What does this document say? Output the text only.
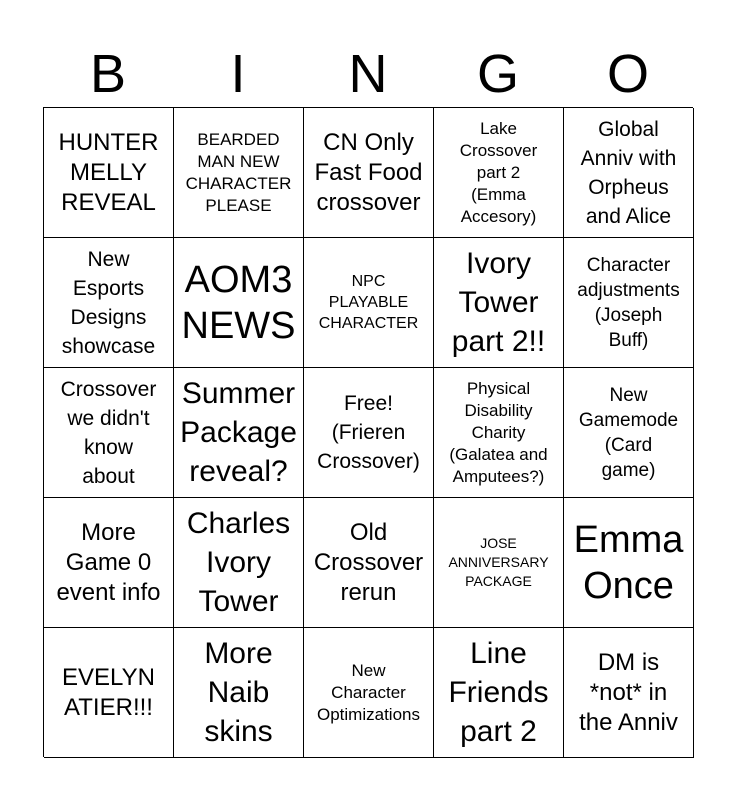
B	I	N	G	O
HUNTER
MELLY
REVEAL
BEARDED
MAN NEW
CHARACTER
PLEASE
CN Only
Fast Food
crossover
Lake
Crossover
part 2
(Emma
Accesory)
Global
Anniv with
Orpheus
and Alice
New
Esports
Designs
showcase
AOM3
NEWS
NPC
PLAYABLE
CHARACTER
Ivory
Tower
part 2!!
Character
adjustments
(Joseph
Buff)
Crossover
we didn't
know
about
Summer
Package
reveal?
Free!
(Frieren
Crossover)
Physical
Disability
Charity
(Galatea and
Amputees?)
New
Gamemode
(Card
game)
More
Game 0
event info
Charles
Ivory
Tower
Old
Crossover
rerun
JOSE
ANNIVERSARY
PACKAGE
Emma
Once
EVELYN
ATIER!!!
More
Naib
skins
New
Character
Optimizations
Line
Friends
part 2
DM is
*not* in
the Anniv
